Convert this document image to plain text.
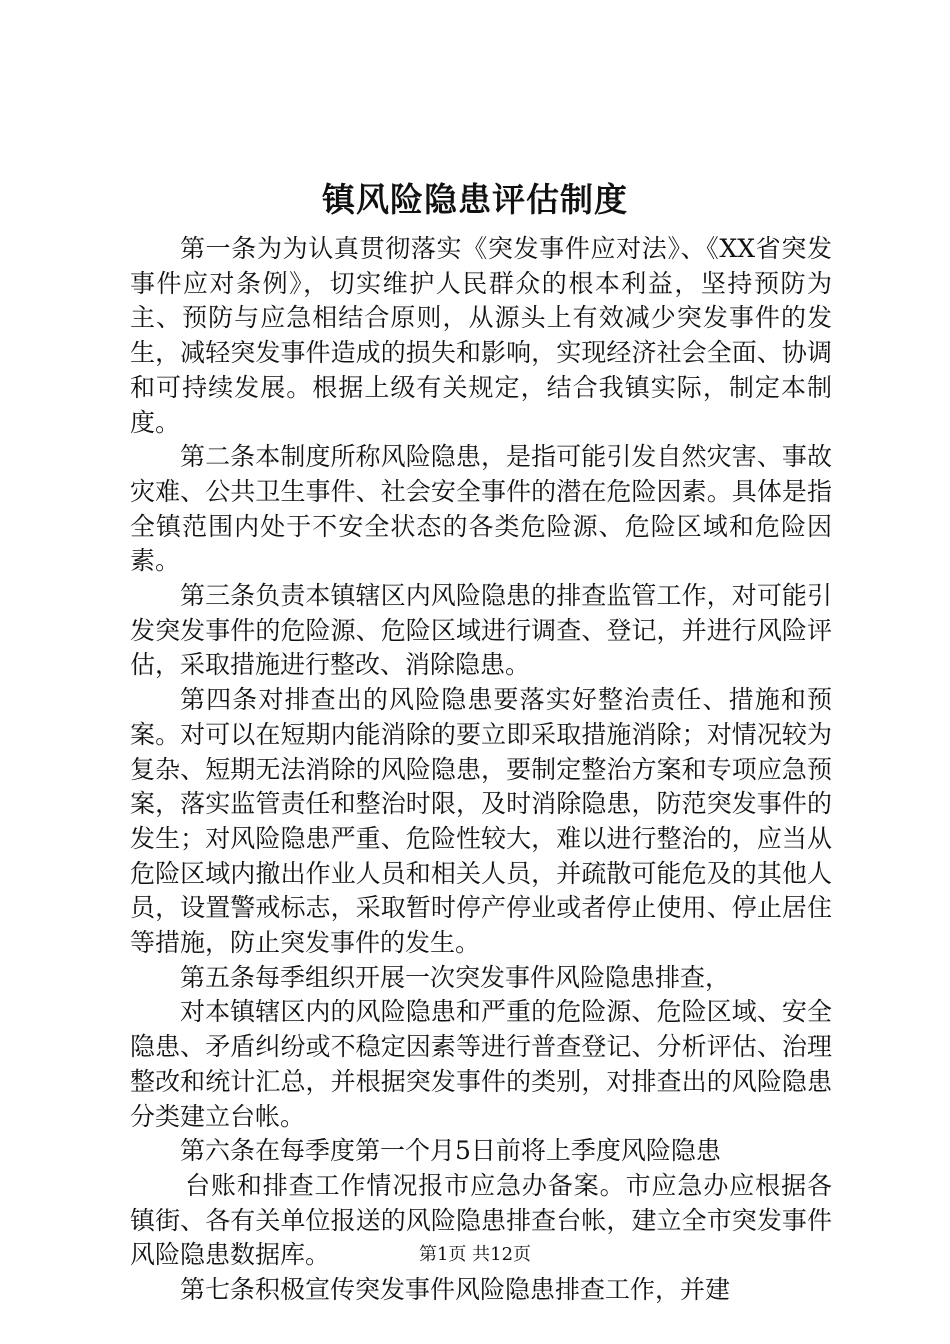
镇风险隐患评估制度

第一条为为认真贯彻落实《突发事件应对法》、《XX省突发事件应对条例》，切实维护人民群众的根本利益，坚持预防为主、预防与应急相结合原则，从源头上有效减少突发事件的发生，减轻突发事件造成的损失和影响，实现经济社会全面、协调和可持续发展。根据上级有关规定，结合我镇实际，制定本制度。

第二条本制度所称风险隐患，是指可能引发自然灾害、事故灾难、公共卫生事件、社会安全事件的潜在危险因素。具体是指全镇范围内处于不安全状态的各类危险源、危险区域和危险因素。

第三条负责本镇辖区内风险隐患的排查监管工作，对可能引发突发事件的危险源、危险区域进行调查、登记，并进行风险评估，采取措施进行整改、消除隐患。

第四条对排查出的风险隐患要落实好整治责任、措施和预案。对可以在短期内能消除的要立即采取措施消除；对情况较为复杂、短期无法消除的风险隐患，要制定整治方案和专项应急预案，落实监管责任和整治时限，及时消除隐患，防范突发事件的发生；对风险隐患严重、危险性较大，难以进行整治的，应当从危险区域内撤出作业人员和相关人员，并疏散可能危及的其他人员，设置警戒标志，采取暂时停产停业或者停止使用、停止居住等措施，防止突发事件的发生。

第五条每季组织开展一次突发事件风险隐患排查，

对本镇辖区内的风险隐患和严重的危险源、危险区域、安全隐患、矛盾纠纷或不稳定因素等进行普查登记、分析评估、治理整改和统计汇总，并根据突发事件的类别，对排查出的风险隐患分类建立台帐。

第六条在每季度第一个月5日前将上季度风险隐患

台账和排查工作情况报市应急办备案。市应急办应根据各镇街、各有关单位报送的风险隐患排查台帐，建立全市突发事件风险隐患数据库。

第七条积极宣传突发事件风险隐患排查工作，并建

第1页 共12页
